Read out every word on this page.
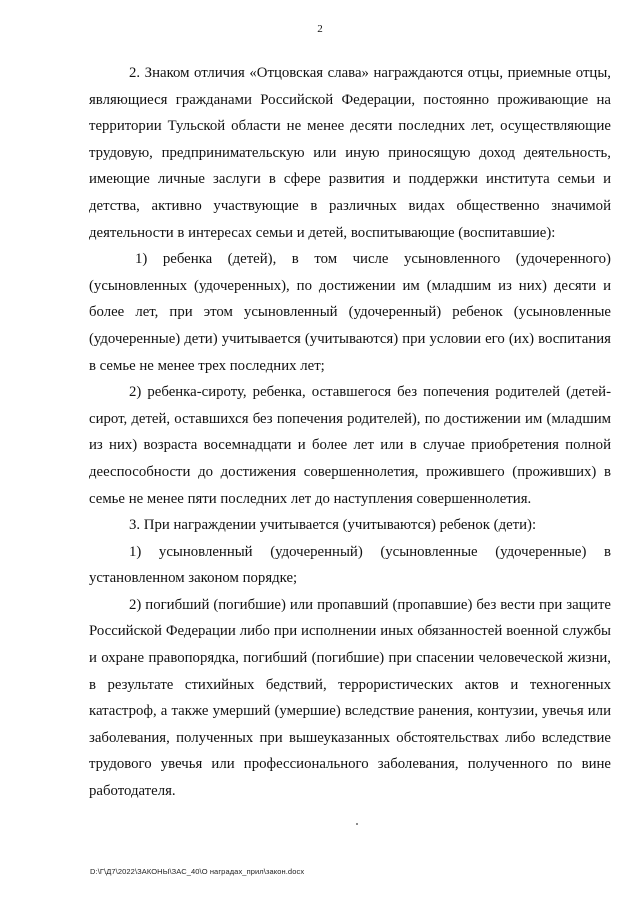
2

2. Знаком отличия «Отцовская слава» награждаются отцы, приемные отцы, являющиеся гражданами Российской Федерации, постоянно проживающие на территории Тульской области не менее десяти последних лет, осуществляющие трудовую, предпринимательскую или иную приносящую доход деятельность, имеющие личные заслуги в сфере развития и поддержки института семьи и детства, активно участвующие в различных видах общественно значимой деятельности в интересах семьи и детей, воспитывающие (воспитавшие):

1) ребенка (детей), в том числе усыновленного (удочеренного) (усыновленных (удочеренных), по достижении им (младшим из них) десяти и более лет, при этом усыновленный (удочеренный) ребенок (усыновленные (удочеренные) дети) учитывается (учитываются) при условии его (их) воспитания в семье не менее трех последних лет;

2) ребенка-сироту, ребенка, оставшегося без попечения родителей (детей-сирот, детей, оставшихся без попечения родителей), по достижении им (младшим из них) возраста восемнадцати и более лет или в случае приобретения полной дееспособности до достижения совершеннолетия, прожившего (проживших) в семье не менее пяти последних лет до наступления совершеннолетия.

3. При награждении учитывается (учитываются) ребенок (дети):

1) усыновленный (удочеренный) (усыновленные (удочеренные) в установленном законом порядке;

2) погибший (погибшие) или пропавший (пропавшие) без вести при защите Российской Федерации либо при исполнении иных обязанностей военной службы и охране правопорядка, погибший (погибшие) при спасении человеческой жизни, в результате стихийных бедствий, террористических актов и техногенных катастроф, а также умерший (умершие) вследствие ранения, контузии, увечья или заболевания, полученных при вышеуказанных обстоятельствах либо вследствие трудового увечья или профессионального заболевания, полученного по вине работодателя.

D:\Г\Д7\2022\ЗАКОНЫ\ЗАС_40\О наградах_прил\закон.docx
